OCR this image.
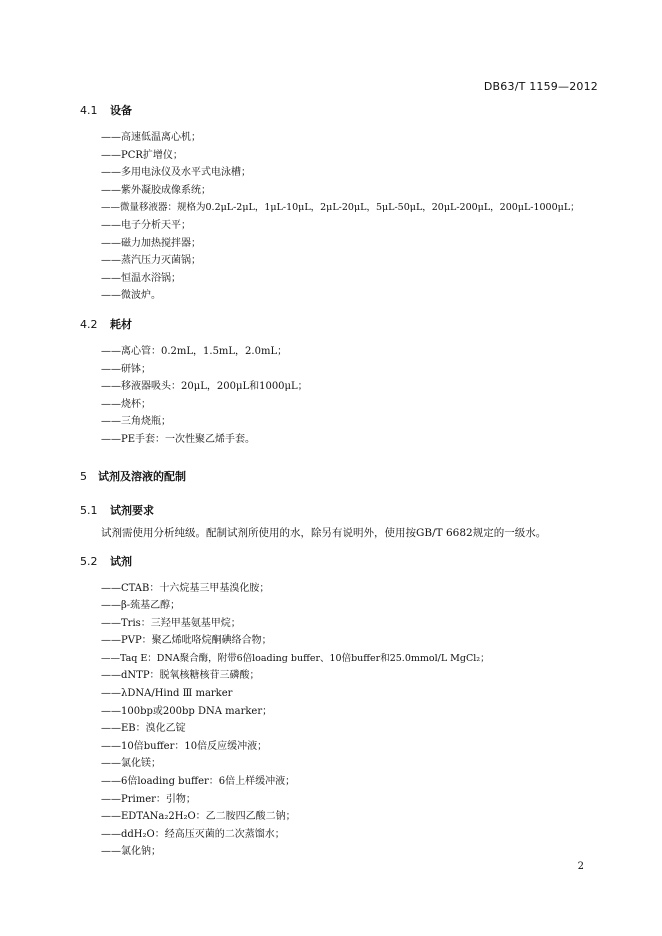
DB63/T 1159—2012
4.1 设备
——高速低温离心机；
——PCR扩增仪；
——多用电泳仪及水平式电泳槽；
——紫外凝胶成像系统；
——微量移液器：规格为0.2μL-2μL，1μL-10μL，2μL-20μL，5μL-50μL，20μL-200μL，200μL-1000μL；
——电子分析天平；
——磁力加热搅拌器；
——蒸汽压力灭菌锅；
——恒温水浴锅；
——微波炉。
4.2 耗材
——离心管：0.2mL，1.5mL，2.0mL；
——研钵；
——移液器吸头：20μL，200μL和1000μL；
——烧杯；
——三角烧瓶；
——PE手套：一次性聚乙烯手套。
5 试剂及溶液的配制
5.1 试剂要求
试剂需使用分析纯级。配制试剂所使用的水，除另有说明外，使用按GB/T 6682规定的一级水。
5.2 试剂
——CTAB：十六烷基三甲基溴化胺；
——β-巯基乙醇；
——Tris：三羟甲基氨基甲烷；
——PVP：聚乙烯吡咯烷酮碘络合物；
——Taq E：DNA聚合酶，附带6倍loading buffer、10倍buffer和25.0mmol/L MgCl₂；
——dNTP：脱氧核糖核苷三磷酸；
——λDNA/Hind Ⅲ marker
——100bp或200bp DNA marker；
——EB：溴化乙锭
——10倍buffer：10倍反应缓冲液；
——氯化镁；
——6倍loading buffer：6倍上样缓冲液；
——Primer：引物；
——EDTANa₂2H₂O：乙二胺四乙酸二钠；
——ddH₂O：经高压灭菌的二次蒸馏水；
——氯化钠；
2
